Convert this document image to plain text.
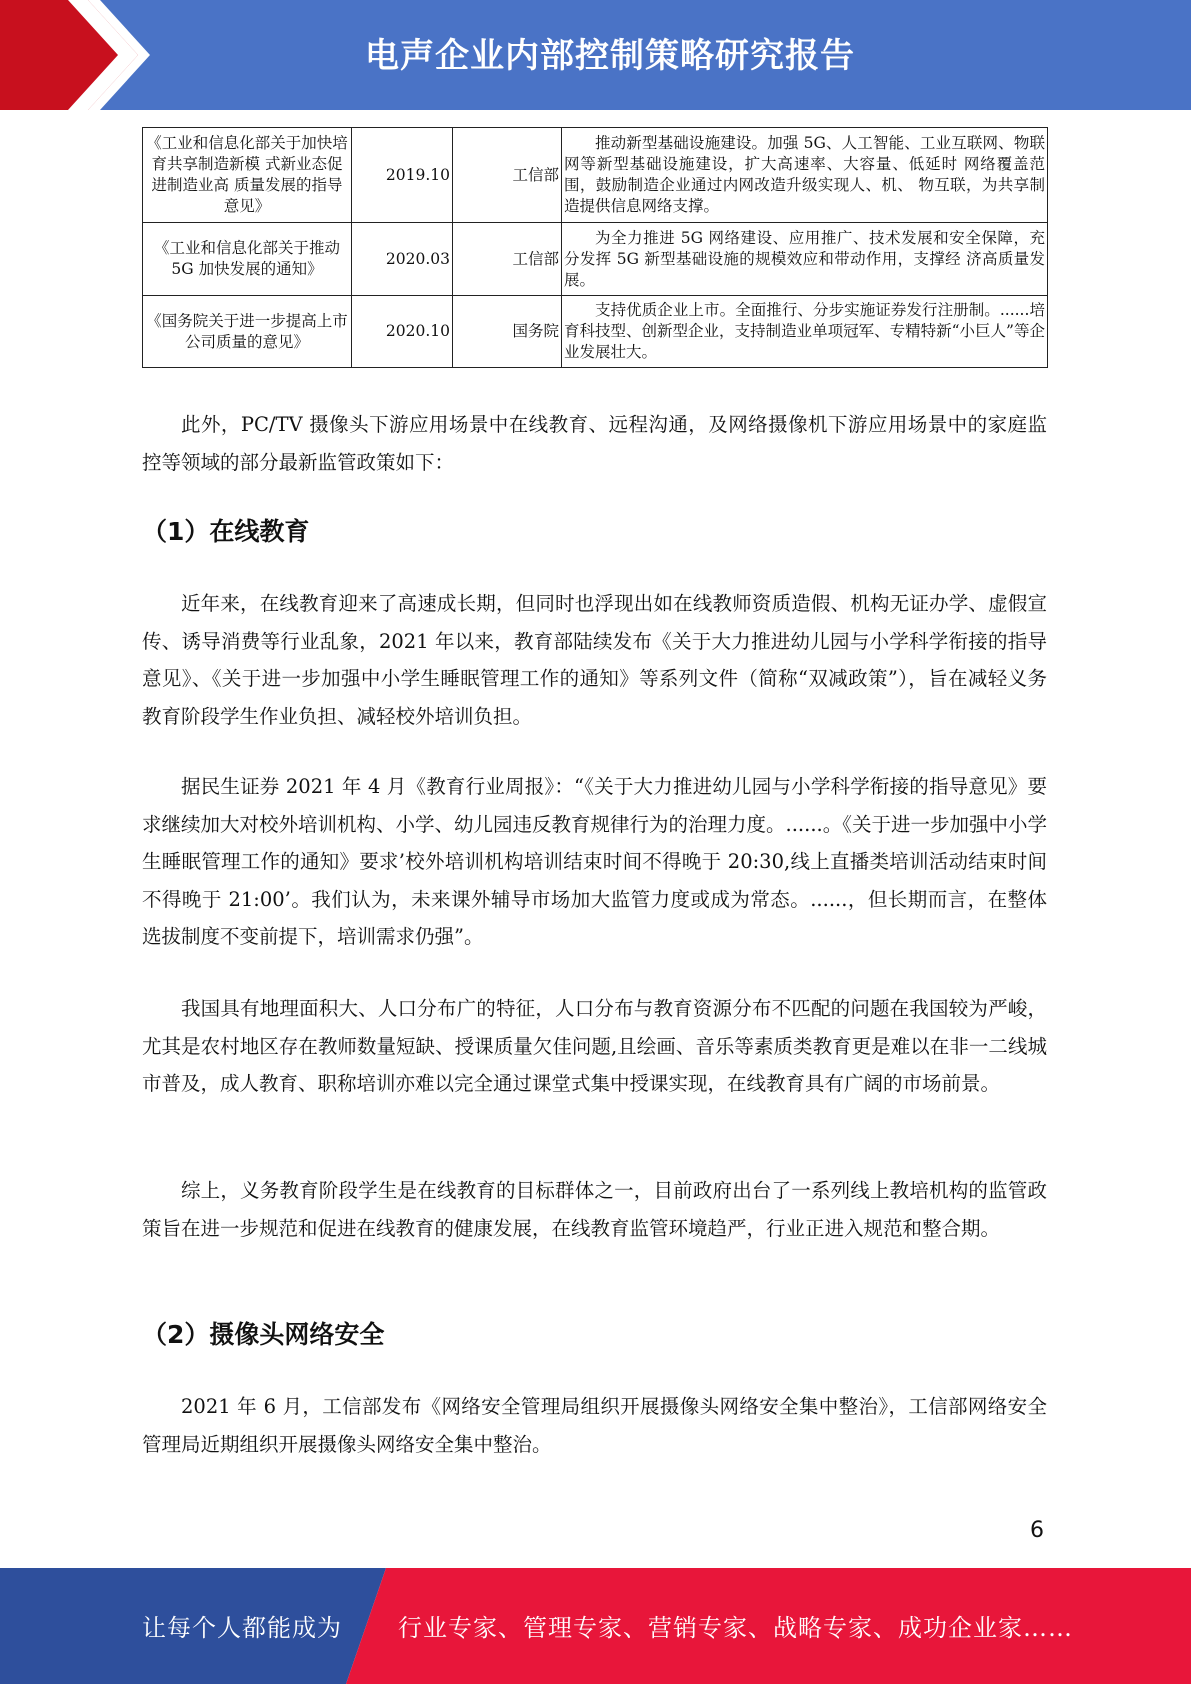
电声企业内部控制策略研究报告
《工业和信息化部关于加快培育共享制造新模 式新业态促进制造业高 质量发展的指导意见》	2019.10	工信部	推动新型基础设施建设。加强 5G、人工智能、工业互联网、物联网等新型基础设施建设，扩大高速率、大容量、低延时 网络覆盖范围，鼓励制造企业通过内网改造升级实现人、机、 物互联，为共享制造提供信息网络支撑。
《工业和信息化部关于推动 5G 加快发展的通知》	2020.03	工信部	为全力推进 5G 网络建设、应用推广、技术发展和安全保障，充分发挥 5G 新型基础设施的规模效应和带动作用，支撑经 济高质量发展。
《国务院关于进一步提高上市公司质量的意见》	2020.10	国务院	支持优质企业上市。全面推行、分步实施证券发行注册制。......培育科技型、创新型企业，支持制造业单项冠军、专精特新“小巨人”等企业发展壮大。

此外，PC/TV 摄像头下游应用场景中在线教育、远程沟通，及网络摄像机下游应用场景中的家庭监控等领域的部分最新监管政策如下：

（1）在线教育

近年来，在线教育迎来了高速成长期，但同时也浮现出如在线教师资质造假、机构无证办学、虚假宣传、诱导消费等行业乱象，2021 年以来，教育部陆续发布《关于大力推进幼儿园与小学科学衔接的指导意见》、《关于进一步加强中小学生睡眠管理工作的通知》等系列文件（简称“双减政策”），旨在减轻义务教育阶段学生作业负担、减轻校外培训负担。

据民生证券 2021 年 4 月《教育行业周报》：“《关于大力推进幼儿园与小学科学衔接的指导意见》要求继续加大对校外培训机构、小学、幼儿园违反教育规律行为的治理力度。......。《关于进一步加强中小学生睡眠管理工作的通知》要求’校外培训机构培训结束时间不得晚于 20:30,线上直播类培训活动结束时间不得晚于 21:00’。我们认为，未来课外辅导市场加大监管力度或成为常态。......，但长期而言，在整体选拔制度不变前提下，培训需求仍强”。

我国具有地理面积大、人口分布广的特征，人口分布与教育资源分布不匹配的问题在我国较为严峻，尤其是农村地区存在教师数量短缺、授课质量欠佳问题,且绘画、音乐等素质类教育更是难以在非一二线城市普及，成人教育、职称培训亦难以完全通过课堂式集中授课实现，在线教育具有广阔的市场前景。

综上，义务教育阶段学生是在线教育的目标群体之一，目前政府出台了一系列线上教培机构的监管政策旨在进一步规范和促进在线教育的健康发展，在线教育监管环境趋严，行业正进入规范和整合期。

（2）摄像头网络安全

2021 年 6 月，工信部发布《网络安全管理局组织开展摄像头网络安全集中整治》，工信部网络安全管理局近期组织开展摄像头网络安全集中整治。

6
让每个人都能成为 行业专家、管理专家、营销专家、战略专家、成功企业家……
